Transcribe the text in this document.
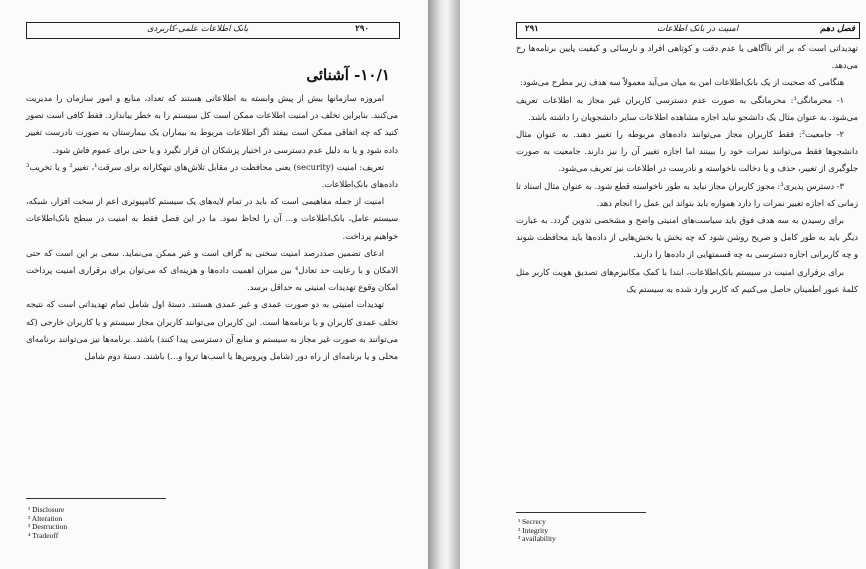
۲۹۰
بانک اطلاعات علمی-کاربردی
۱۰/۱- آشنائی

امروزه سازمانها بیش از پیش وابسته به اطلاعاتی هستند که تعداد، منابع و امور سازمان را مدیریت می‌کنند. بنابراین تخلف در امنیت اطلاعات ممکن است کل سیستم را به خطر بیاندازد. فقط کافی است تصور کنید که چه اتفاقی ممکن است بیفتد اگر اطلاعات مربوط به بیماران یک بیمارستان به صورت نادرست تغییر داده شود و یا به دلیل عدم دسترسی در اختیار پزشکان ان قرار نگیرد و یا حتی برای عموم فاش شود.

تعریف: امنیت (security) یعنی محافظت در مقابل تلاش‌های تبهکارانه برای سرقت¹، تغییر² و یا تخریب³ داده‌های بانک‌اطلاعات.

امنیت از جمله مفاهیمی است که باید در تمام لایه‌های یک سیستم کامپیوتری اعم از سخت افزار، شبکه، سیستم عامل، بانک‌اطلاعات و... آن را لحاظ نمود. ما در این فصل فقط به امنیت در سطح بانک‌اطلاعات خواهیم پرداخت.

ادعای تضمین صددرصد امنیت سخنی به گزاف است و غیر ممکن می‌نماید. سعی بر این است که حتی الامکان و با رعایت حد تعادل⁴ بین میزان اهمیت داده‌ها و هزینه‌ای که می‌توان برای برقراری امنیت پرداخت امکان وقوع تهدیدات امنیتی به حداقل برسد.

تهدیدات امنیتی به دو صورت عمدی و غیر عمدی هستند. دستهٔ اول شامل تمام تهدیداتی است که نتیجه تخلف عمدی کاربران و یا برنامه‌ها است. این کاربران می‌توانند کاربران مجاز سیستم و یا کاربران خارجی (که می‌توانند به صورت غیر مجاز به سیستم و منابع آن دسترسی پیدا کنند) باشند. برنامه‌ها نیز می‌توانند برنامه‌ای محلی و یا برنامه‌ای از راه دور (شامل ویروس‌ها یا اسب‌ها تروا و...) باشند. دستهٔ دوم شامل

¹ Disclosure
² Alteration
³ Destruction
⁴ Tradeoff
فصل دهم
امنیت در بانک اطلاعات
۲۹۱

تهدیداتی است که بر اثر ناآگاهی یا عدم دقت و کوتاهی افراد و نارسائی و کیفیت پایین برنامه‌ها رخ می‌دهد.

هنگامی که صحبت از یک بانک‌اطلاعات امن به میان می‌آید معمولاً سه هدف زیر مطرح می‌شود:

۱- محرمانگی¹: محرمانگی به صورت عدم دسترسی کاربران غیر مجاز به اطلاعات تعریف می‌شود. به عنوان مثال یک دانشجو نباید اجازه مشاهده اطلاعات سایر دانشجویان را داشته باشد.

۲- جامعیت²: فقط کاربران مجاز می‌توانند داده‌های مربوطه را تغییر دهند. به عنوان مثال دانشجوها فقط می‌توانند نمرات خود را ببینند اما اجازه تغییر آن را نیز دارند. جامعیت به صورت جلوگیری از تغییر، حذف و یا دخالت ناخواسته و نادرست در اطلاعات نیز تعریف می‌شود.

۳- دسترس پذیری³: مجوز کاربران مجاز نباید به طور ناخواسته قطع شود. به عنوان مثال استاد تا زمانی که اجازه تغییر نمرات را دارد همواره باید بتواند این عمل را انجام دهد.

برای رسیدن به سه هدف فوق باید سیاست‌های امنیتی واضح و مشخصی تدوین گردد. به عبارت دیگر باید به طور کامل و صریح روشن شود که چه بخش یا بخش‌هایی از داده‌ها باید محافظت شوند و چه کاربرانی اجازه دسترسی به چه قسمتهایی از داده‌ها را دارند.

برای برقراری امنیت در سیستم بانک‌اطلاعات، ابتدا با کمک مکانیزم‌های تصدیق هویت کاربر مثل کلمهٔ عبور اطمینان حاصل می‌کنیم که کاربر وارد شده به سیستم یک

¹ Secrecy
² Integrity
³ availability
